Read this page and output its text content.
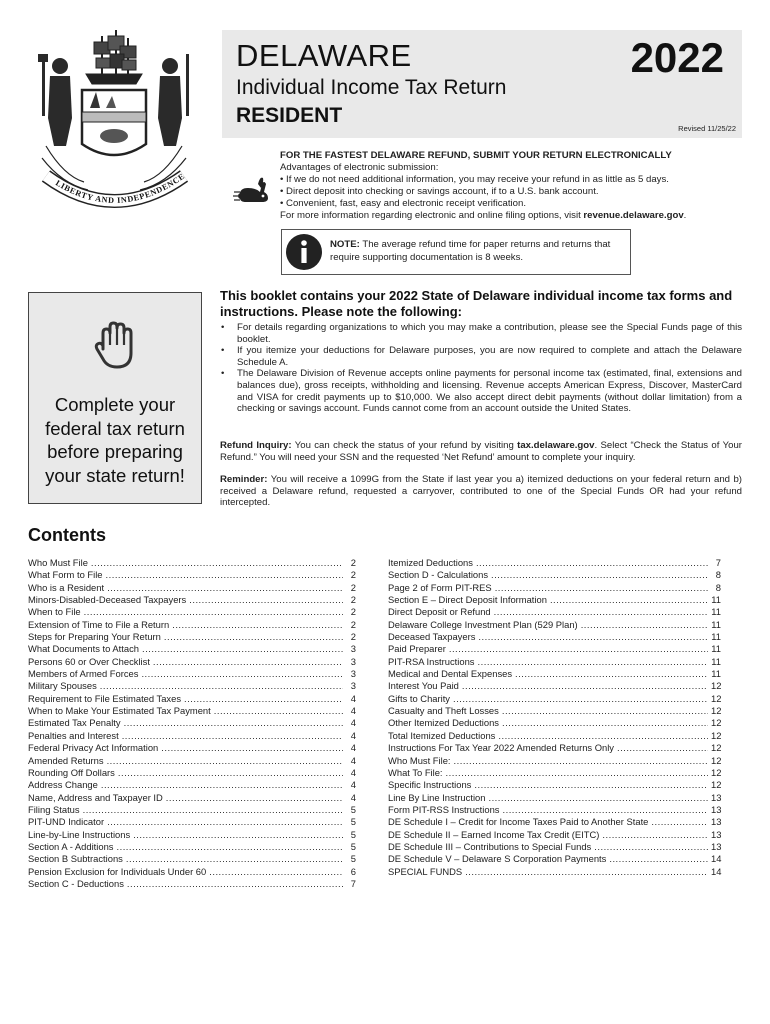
LIBERTY AND INDEPENDENCE
DELAWARE	2022
Individual Income Tax Return
RESIDENT
Revised 11/25/22
FOR THE FASTEST DELAWARE REFUND, SUBMIT YOUR RETURN ELECTRONICALLY
Advantages of electronic submission:
• If we do not need additional information, you may receive your refund in as little as 5 days.
• Direct deposit into checking or savings account, if to a U.S. bank account.
• Convenient, fast, easy and electronic receipt verification.
For more information regarding electronic and online filing options, visit revenue.delaware.gov.
NOTE: The average refund time for paper returns and returns that require supporting documentation is 8 weeks.
Complete your federal tax return before preparing your state return!
This booklet contains your 2022 State of Delaware individual income tax forms and instructions. Please note the following:
• For details regarding organizations to which you may make a contribution, please see the Special Funds page of this booklet.
• If you itemize your deductions for Delaware purposes, you are now required to complete and attach the Delaware Schedule A.
• The Delaware Division of Revenue accepts online payments for personal income tax (estimated, final, extensions and balances due), gross receipts, withholding and licensing. Revenue accepts American Express, Discover, MasterCard and VISA for credit payments up to $10,000. We also accept direct debit payments (without dollar limitation) from a checking or savings account. Funds cannot come from an account outside the United States.
Refund Inquiry: You can check the status of your refund by visiting tax.delaware.gov. Select “Check the Status of Your Refund.” You will need your SSN and the requested ‘Net Refund’ amount to complete your inquiry.
Reminder: You will receive a 1099G from the State if last year you a) itemized deductions on your federal return and b) received a Delaware refund, requested a carryover, contributed to one of the Special Funds OR had your refund intercepted.
Contents
Who Must File .....	2
What Form to File .....	2
Who is a Resident .....	2
Minors-Disabled-Deceased Taxpayers .....	2
When to File .....	2
Extension of Time to File a Return .....	2
Steps for Preparing Your Return .....	2
What Documents to Attach .....	3
Persons 60 or Over Checklist .....	3
Members of Armed Forces .....	3
Military Spouses .....	3
Requirement to File Estimated Taxes .....	4
When to Make Your Estimated Tax Payment .....	4
Estimated Tax Penalty .....	4
Penalties and Interest .....	4
Federal Privacy Act Information .....	4
Amended Returns .....	4
Rounding Off Dollars .....	4
Address Change .....	4
Name, Address and Taxpayer ID .....	4
Filing Status .....	5
PIT-UND Indicator .....	5
Line-by-Line Instructions .....	5
Section A - Additions .....	5
Section B Subtractions .....	5
Pension Exclusion for Individuals Under 60 .....	6
Section C - Deductions .....	7
Itemized Deductions .....	7
Section D - Calculations .....	8
Page 2 of Form PIT-RES .....	8
Section E – Direct Deposit Information .....	11
Direct Deposit or Refund .....	11
Delaware College Investment Plan (529 Plan) .....	11
Deceased Taxpayers .....	11
Paid Preparer .....	11
PIT-RSA Instructions .....	11
Medical and Dental Expenses .....	11
Interest You Paid .....	12
Gifts to Charity .....	12
Casualty and Theft Losses .....	12
Other Itemized Deductions .....	12
Total Itemized Deductions .....	12
Instructions For Tax Year 2022 Amended Returns Only .....	12
Who Must File: .....	12
What To File: .....	12
Specific Instructions .....	12
Line By Line Instruction .....	13
Form PIT-RSS Instructions .....	13
DE Schedule I – Credit for Income Taxes Paid to Another State .....	13
DE Schedule II – Earned Income Tax Credit (EITC) .....	13
DE Schedule III – Contributions to Special Funds .....	13
DE Schedule V – Delaware S Corporation Payments .....	14
SPECIAL FUNDS .....	14
